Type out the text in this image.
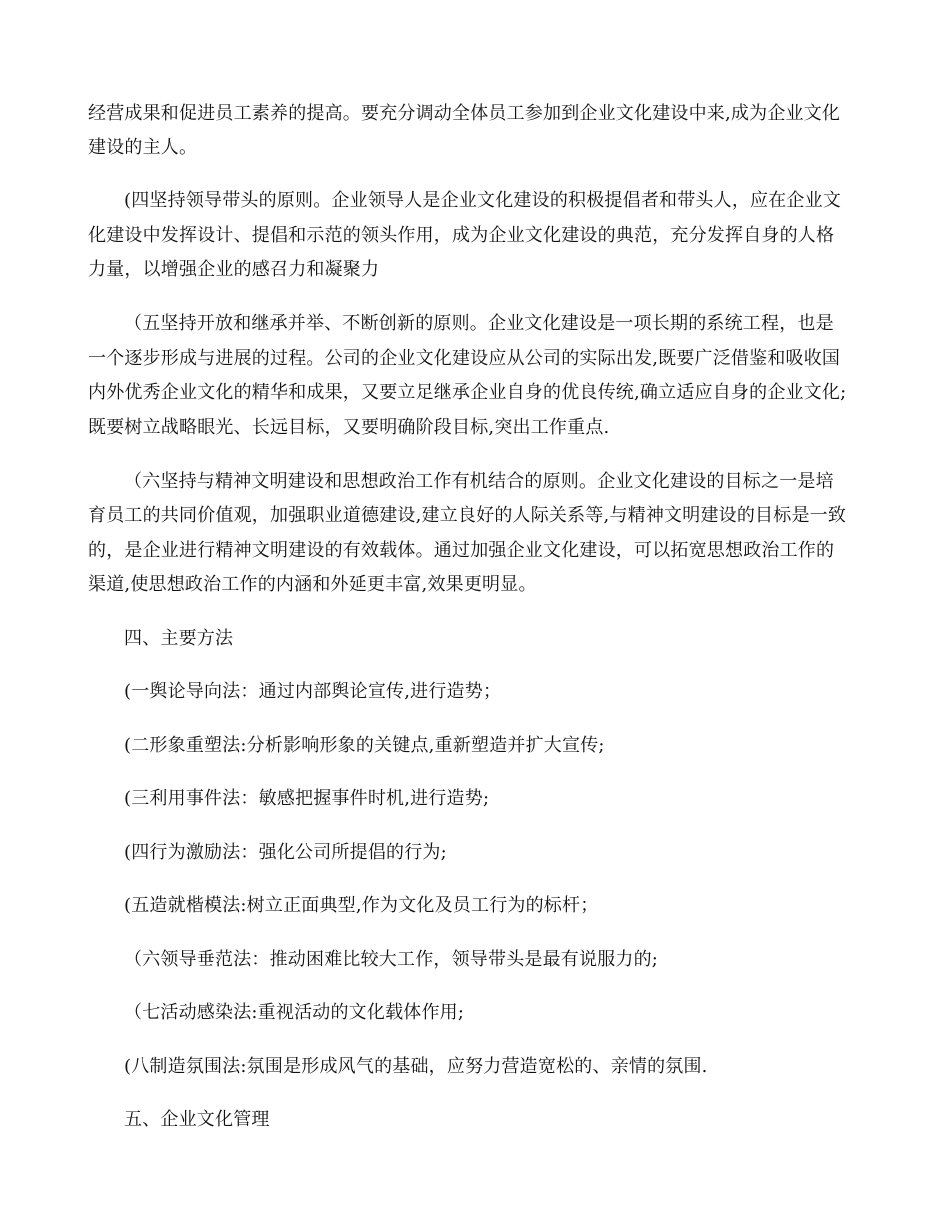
经营成果和促进员工素养的提高。要充分调动全体员工参加到企业文化建设中来,成为企业文化
建设的主人。
(四坚持领导带头的原则。企业领导人是企业文化建设的积极提倡者和带头人，应在企业文
化建设中发挥设计、提倡和示范的领头作用，成为企业文化建设的典范，充分发挥自身的人格
力量，以增强企业的感召力和凝聚力
（五坚持开放和继承并举、不断创新的原则。企业文化建设是一项长期的系统工程，也是
一个逐步形成与进展的过程。公司的企业文化建设应从公司的实际出发,既要广泛借鉴和吸收国
内外优秀企业文化的精华和成果，又要立足继承企业自身的优良传统,确立适应自身的企业文化;
既要树立战略眼光、长远目标，又要明确阶段目标,突出工作重点.
（六坚持与精神文明建设和思想政治工作有机结合的原则。企业文化建设的目标之一是培
育员工的共同价值观，加强职业道德建设,建立良好的人际关系等,与精神文明建设的目标是一致
的，是企业进行精神文明建设的有效载体。通过加强企业文化建设，可以拓宽思想政治工作的
渠道,使思想政治工作的内涵和外延更丰富,效果更明显。
四、主要方法
(一舆论导向法：通过内部舆论宣传,进行造势；
(二形象重塑法:分析影响形象的关键点,重新塑造并扩大宣传;
(三利用事件法：敏感把握事件时机,进行造势;
(四行为激励法：强化公司所提倡的行为;
(五造就楷模法:树立正面典型,作为文化及员工行为的标杆；
（六领导垂范法：推动困难比较大工作，领导带头是最有说服力的;
（七活动感染法:重视活动的文化载体作用;
(八制造氛围法:氛围是形成风气的基础，应努力营造宽松的、亲情的氛围.
五、企业文化管理
